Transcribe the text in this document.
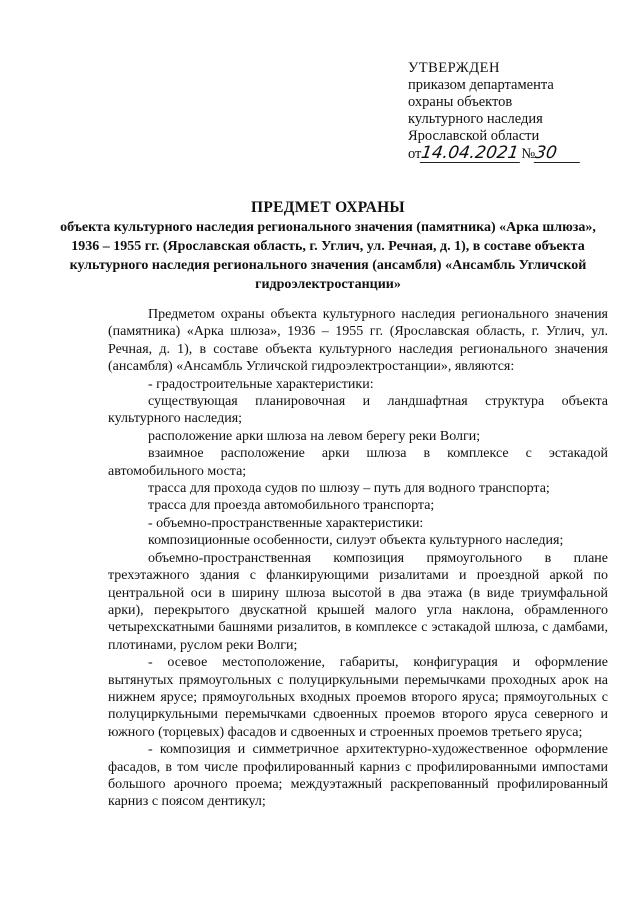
УТВЕРЖДЕН
приказом департамента
охраны объектов
культурного наследия
Ярославской области
от
14.04.2021 №
30
ПРЕДМЕТ ОХРАНЫ
объекта культурного наследия регионального значения (памятника) «Арка шлюза», 1936 – 1955 гг. (Ярославская область, г. Углич, ул. Речная, д. 1), в составе объекта культурного наследия регионального значения (ансамбля) «Ансамбль Угличской гидроэлектростанции»

Предметом охраны объекта культурного наследия регионального значения (памятника) «Арка шлюза», 1936 – 1955 гг. (Ярославская область, г. Углич, ул. Речная, д. 1), в составе объекта культурного наследия регионального значения (ансамбля) «Ансамбль Угличской гидроэлектростанции», являются:

- градостроительные характеристики:

существующая планировочная и ландшафтная структура объекта культурного наследия;

расположение арки шлюза на левом берегу реки Волги;

взаимное расположение арки шлюза в комплексе с эстакадой автомобильного моста;

трасса для прохода судов по шлюзу – путь для водного транспорта;

трасса для проезда автомобильного транспорта;

- объемно-пространственные характеристики:

композиционные особенности, силуэт объекта культурного наследия;

объемно-пространственная композиция прямоугольного в плане трехэтажного здания с фланкирующими ризалитами и проездной аркой по центральной оси в ширину шлюза высотой в два этажа (в виде триумфальной арки), перекрытого двускатной крышей малого угла наклона, обрамленного четырехскатными башнями ризалитов, в комплексе с эстакадой шлюза, с дамбами, плотинами, руслом реки Волги;

- осевое местоположение, габариты, конфигурация и оформление вытянутых прямоугольных с полуциркульными перемычками проходных арок на нижнем ярусе; прямоугольных входных проемов второго яруса; прямоугольных с полуциркульными перемычками сдвоенных проемов второго яруса северного и южного (торцевых) фасадов и сдвоенных и строенных проемов третьего яруса;

- композиция и симметричное архитектурно-художественное оформление фасадов, в том числе профилированный карниз с профилированными импостами большого арочного проема; междуэтажный раскрепованный профилированный карниз с поясом дентикул;
